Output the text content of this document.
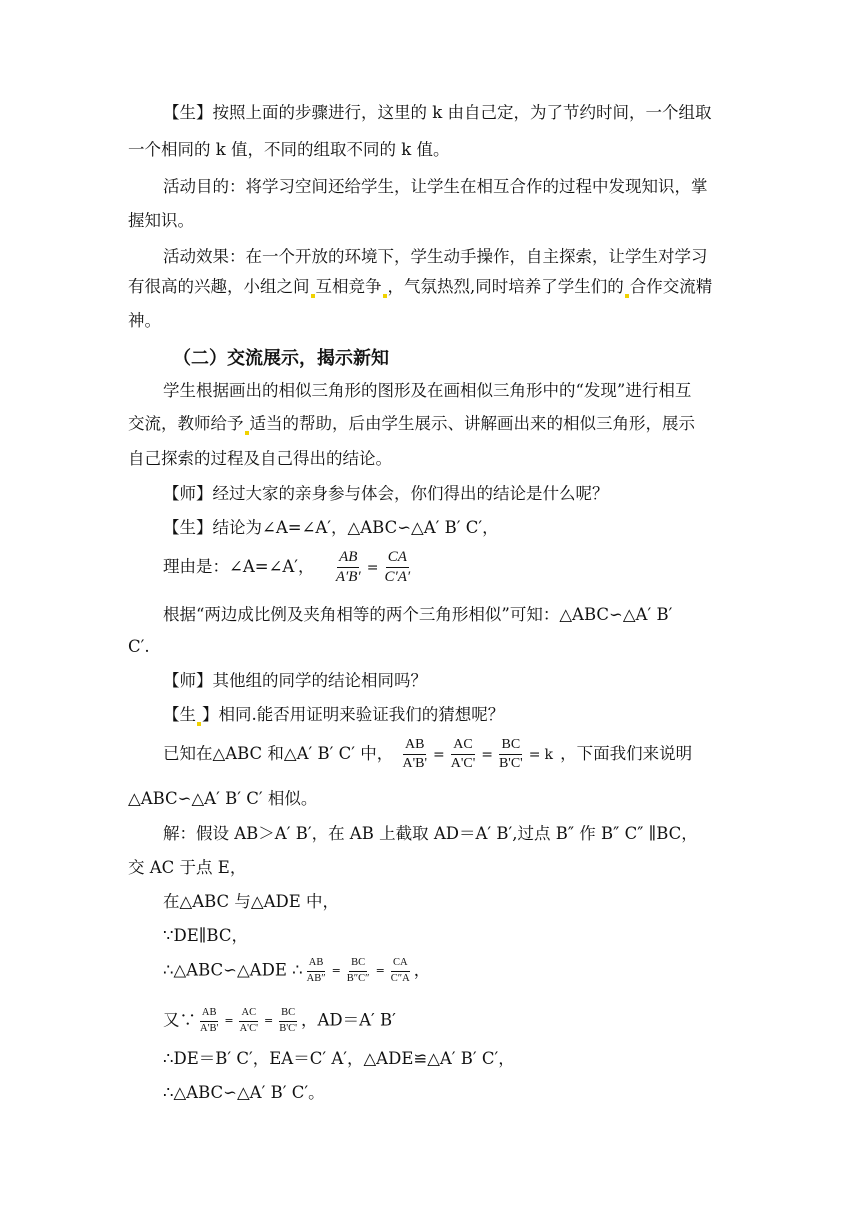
【生】按照上面的步骤进行，这里的 k 由自己定，为了节约时间，一个组取
一个相同的 k 值，不同的组取不同的 k 值。
活动目的：将学习空间还给学生，让学生在相互合作的过程中发现知识，掌
握知识。
活动效果：在一个开放的环境下，学生动手操作，自主探索，让学生对学习
有很高的兴趣，小组之间 互相竞争 ，气氛热烈,同时培养了学生们的 合作交流精
神。
（二）交流展示，揭示新知
学生根据画出的相似三角形的图形及在画相似三角形中的“发现”进行相互
交流，教师给予 适当的帮助，后由学生展示、讲解画出来的相似三角形，展示
自己探索的过程及自己得出的结论。
【师】经过大家的亲身参与体会，你们得出的结论是什么呢？
【生】结论为∠A=∠A′，△ABC∽△A′ B′ C′，
理由是：∠A=∠A′， $\frac{AB}{A'B'} = \frac{CA}{C'A'}$
根据“两边成比例及夹角相等的两个三角形相似”可知：△ABC∽△A′ B′
C′.
【师】其他组的同学的结论相同吗？
【生 】相同.能否用证明来验证我们的猜想呢？
已知在△ABC 和△A′ B′ C′ 中， $\frac{AB}{A'B'} = \frac{AC}{A'C'} = \frac{BC}{B'C'} = k$ ，下面我们来说明
△ABC∽△A′ B′ C′ 相似。
解：假设 AB＞A′ B′，在 AB 上截取 AD＝A′ B′,过点 B″ 作 B″ C″ ∥BC，
交 AC 于点 E，
在△ABC 与△ADE 中，
∵DE∥BC，
∴△ABC∽△ADE ∴ $\frac{AB}{AB''} = \frac{BC}{B''C''} = \frac{CA}{C''A}$ ，
又∵ $\frac{AB}{A'B'} = \frac{AC}{A'C'} = \frac{BC}{B'C'}$ ，AD＝A′ B′
∴DE＝B′ C′，EA＝C′ A′，△ADE≌△A′ B′ C′，
∴△ABC∽△A′ B′ C′。
